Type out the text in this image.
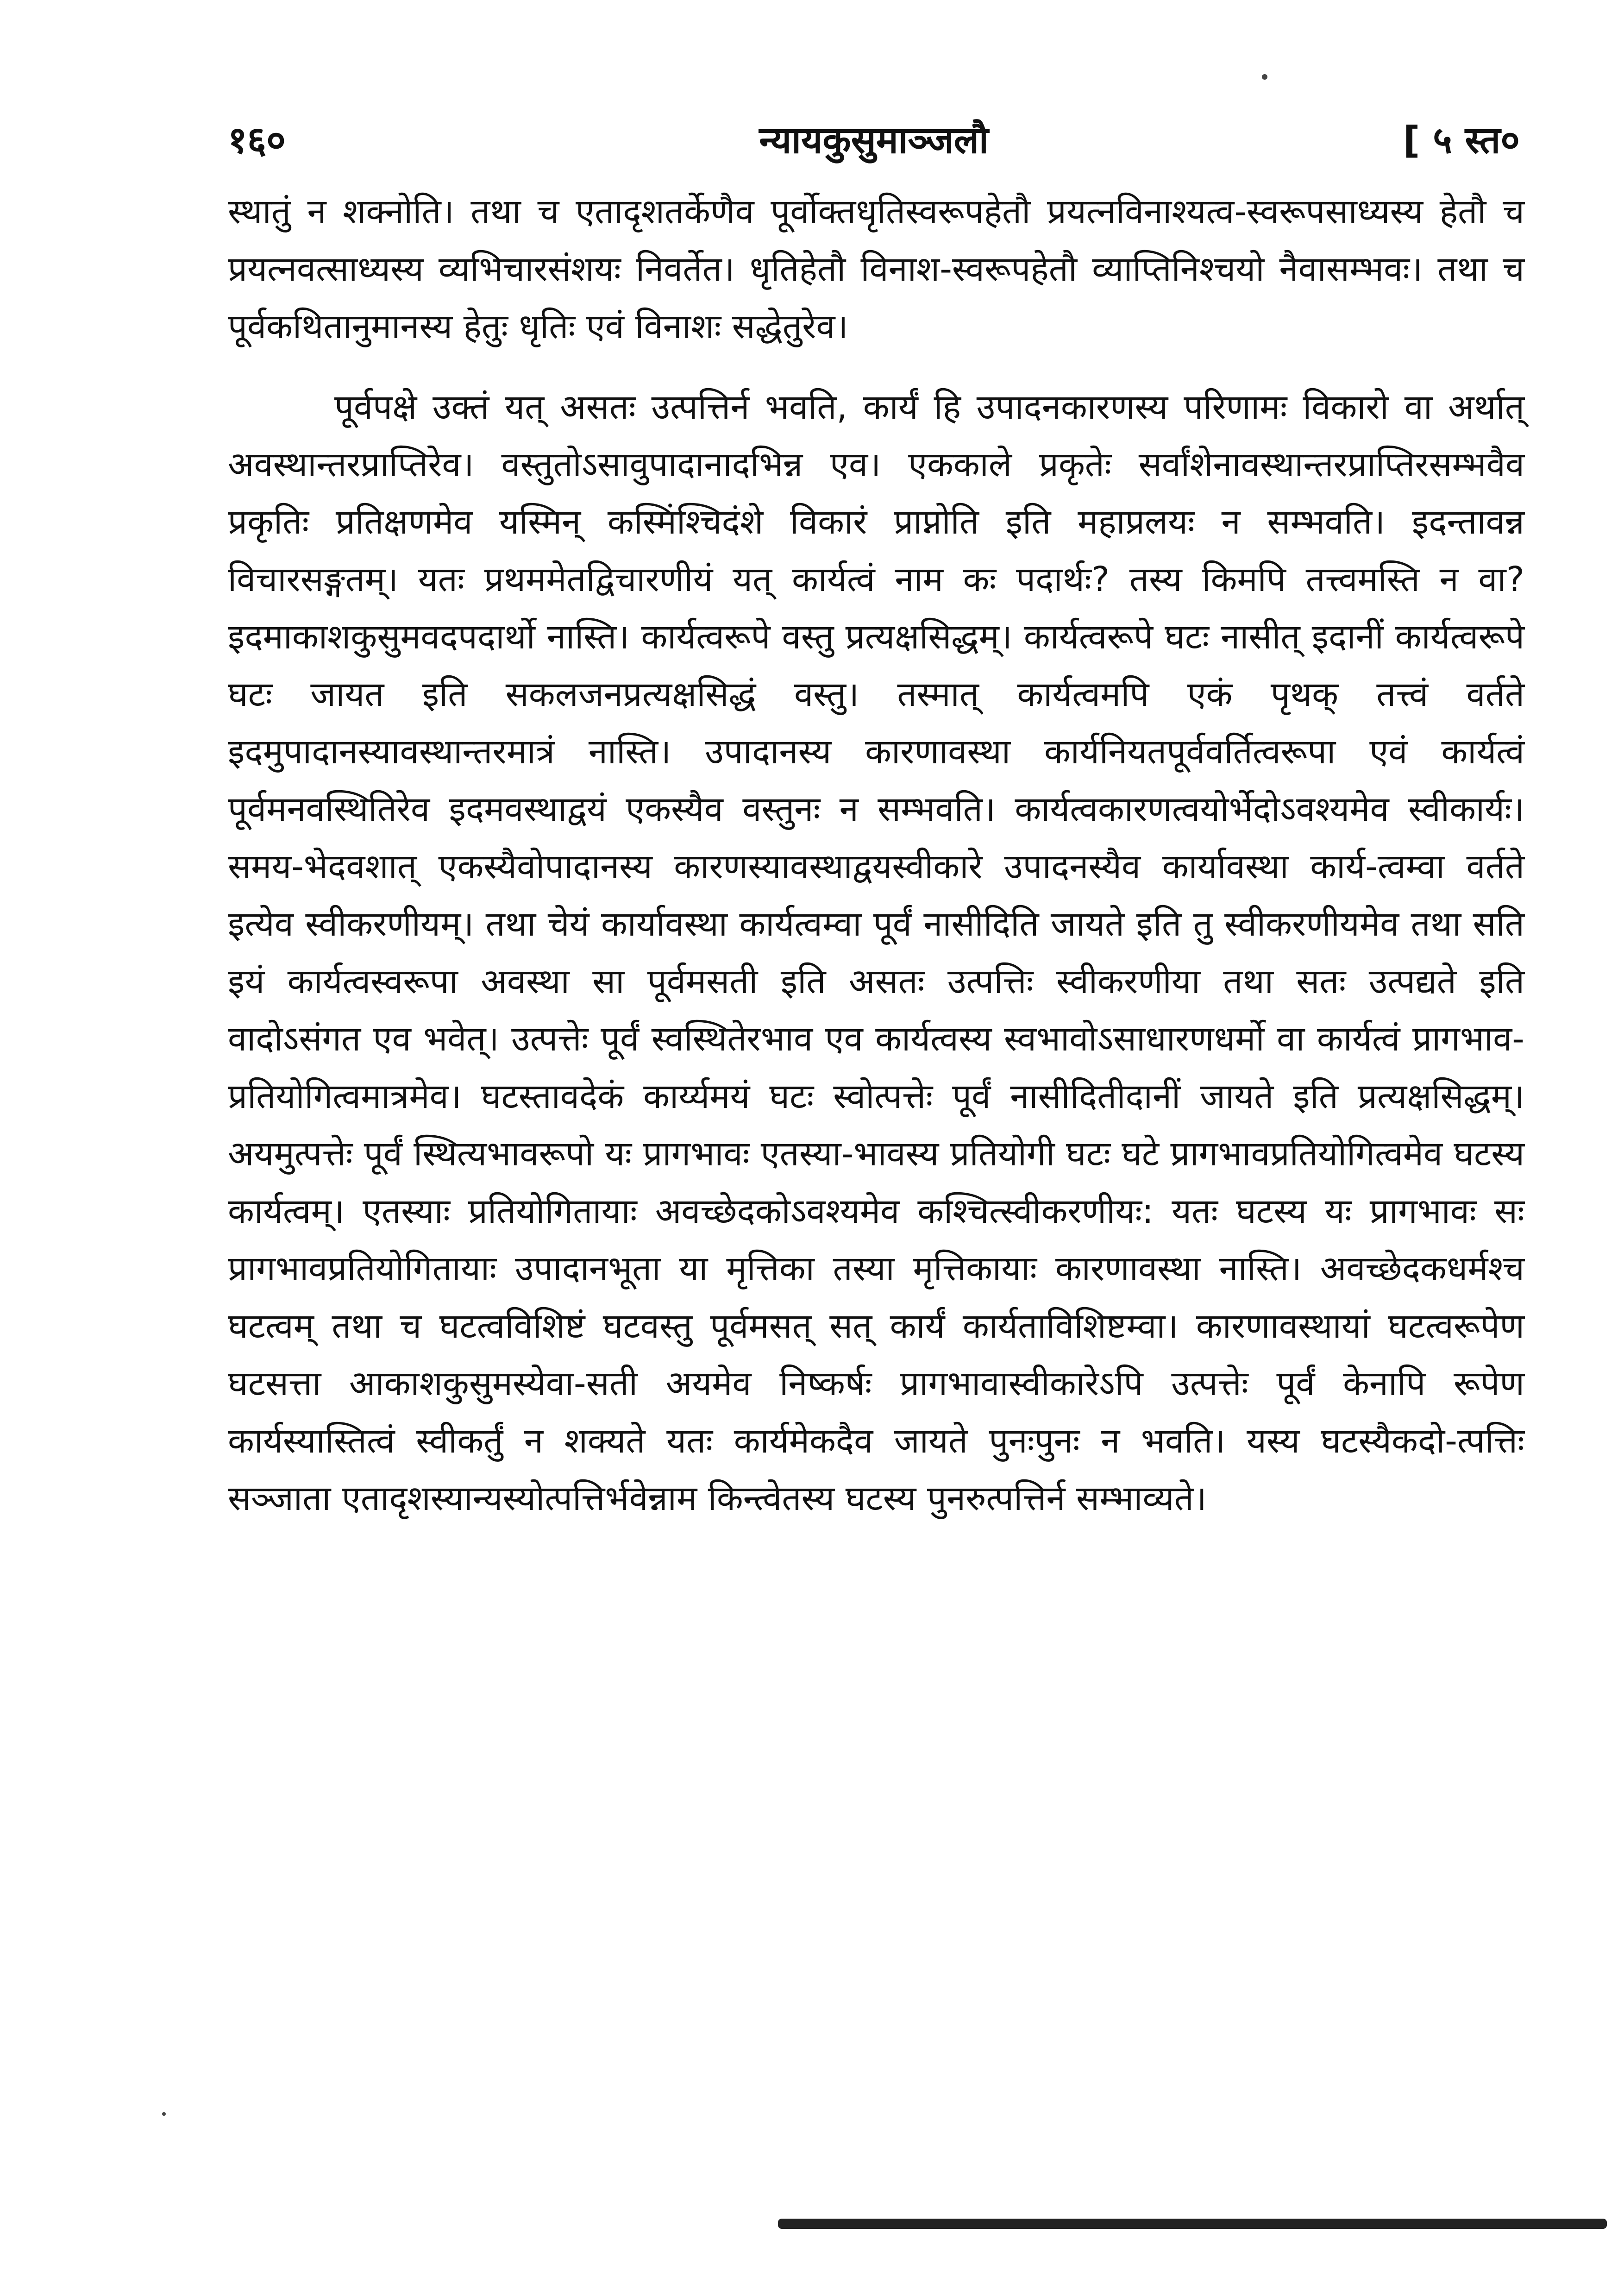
१६०	न्यायकुसुमाञ्जलौ	[ ५ स्त०

स्थातुं न शक्नोति। तथा च एतादृशतर्केणैव पूर्वोक्तधृतिस्वरूपहेतौ प्रयत्नविनाश्यत्व-स्वरूपसाध्यस्य हेतौ च प्रयत्नवत्साध्यस्य व्यभिचारसंशयः निवर्तेत। धृतिहेतौ विनाश-स्वरूपहेतौ व्याप्तिनिश्चयो नैवासम्भवः। तथा च पूर्वकथितानुमानस्य हेतुः धृतिः एवं विनाशः सद्धेतुरेव।

पूर्वपक्षे उक्तं यत् असतः उत्पत्तिर्न भवति, कार्यं हि उपादनकारणस्य परिणामः विकारो वा अर्थात् अवस्थान्तरप्राप्तिरेव। वस्तुतोऽसावुपादानादभिन्न एव। एककाले प्रकृतेः सर्वांशेनावस्थान्तरप्राप्तिरसम्भवैव प्रकृतिः प्रतिक्षणमेव यस्मिन् कस्मिंश्चिदंशे विकारं प्राप्नोति इति महाप्रलयः न सम्भवति। इदन्तावन्न विचारसङ्गतम्। यतः प्रथममेतद्विचारणीयं यत् कार्यत्वं नाम कः पदार्थः? तस्य किमपि तत्त्वमस्ति न वा? इदमाकाशकुसुमवदपदार्थो नास्ति। कार्यत्वरूपे वस्तु प्रत्यक्षसिद्धम्। कार्यत्वरूपे घटः नासीत् इदानीं कार्यत्वरूपे घटः जायत इति सकलजनप्रत्यक्षसिद्धं वस्तु। तस्मात् कार्यत्वमपि एकं पृथक् तत्त्वं वर्तते इदमुपादानस्यावस्थान्तरमात्रं नास्ति। उपादानस्य कारणावस्था कार्यनियतपूर्ववर्तित्वरूपा एवं कार्यत्वं पूर्वमनवस्थितिरेव इदमवस्थाद्वयं एकस्यैव वस्तुनः न सम्भवति। कार्यत्वकारणत्वयोर्भेदोऽवश्यमेव स्वीकार्यः। समय-भेदवशात् एकस्यैवोपादानस्य कारणस्यावस्थाद्वयस्वीकारे उपादनस्यैव कार्यावस्था कार्य-त्वम्वा वर्तते इत्येव स्वीकरणीयम्। तथा चेयं कार्यावस्था कार्यत्वम्वा पूर्वं नासीदिति जायते इति तु स्वीकरणीयमेव तथा सति इयं कार्यत्वस्वरूपा अवस्था सा पूर्वमसती इति असतः उत्पत्तिः स्वीकरणीया तथा सतः उत्पद्यते इति वादोऽसंगत एव भवेत्। उत्पत्तेः पूर्वं स्वस्थितेरभाव एव कार्यत्वस्य स्वभावोऽसाधारणधर्मो वा कार्यत्वं प्रागभाव-प्रतियोगित्वमात्रमेव। घटस्तावदेकं कार्य्यमयं घटः स्वोत्पत्तेः पूर्वं नासीदितीदानीं जायते इति प्रत्यक्षसिद्धम्। अयमुत्पत्तेः पूर्वं स्थित्यभावरूपो यः प्रागभावः एतस्या-भावस्य प्रतियोगी घटः घटे प्रागभावप्रतियोगित्वमेव घटस्य कार्यत्वम्। एतस्याः प्रतियोगितायाः अवच्छेदकोऽवश्यमेव कश्चित्स्वीकरणीयः: यतः घटस्य यः प्रागभावः सः प्रागभावप्रतियोगितायाः उपादानभूता या मृत्तिका तस्या मृत्तिकायाः कारणावस्था नास्ति। अवच्छेदकधर्मश्च घटत्वम् तथा च घटत्वविशिष्टं घटवस्तु पूर्वमसत् सत् कार्यं कार्यताविशिष्टम्वा। कारणावस्थायां घटत्वरूपेण घटसत्ता आकाशकुसुमस्येवा-सती अयमेव निष्कर्षः प्रागभावास्वीकारेऽपि उत्पत्तेः पूर्वं केनापि रूपेण कार्यस्यास्तित्वं स्वीकर्तुं न शक्यते यतः कार्यमेकदैव जायते पुनःपुनः न भवति। यस्य घटस्यैकदो-त्पत्तिः सञ्जाता एतादृशस्यान्यस्योत्पत्तिर्भवेन्नाम किन्त्वेतस्य घटस्य पुनरुत्पत्तिर्न सम्भाव्यते।
